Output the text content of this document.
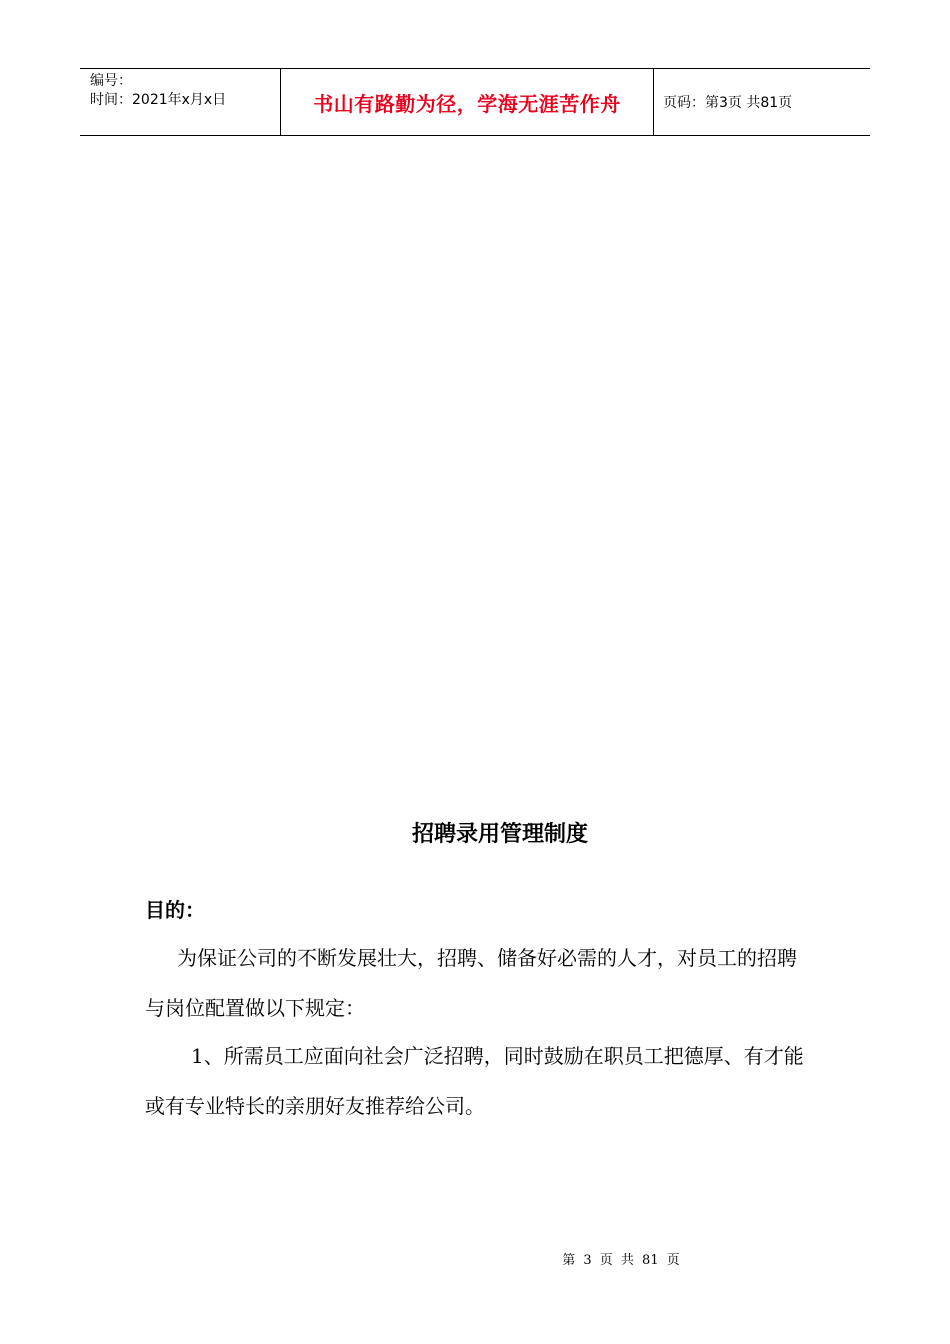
编号：
时间：2021年x月x日	书山有路勤为径，学海无涯苦作舟	页码：第3页 共81页
招聘录用管理制度
目的：
为保证公司的不断发展壮大，招聘、储备好必需的人才，对员工的招聘与岗位配置做以下规定：
1、所需员工应面向社会广泛招聘，同时鼓励在职员工把德厚、有才能或有专业特长的亲朋好友推荐给公司。
第 3 页 共 81 页
